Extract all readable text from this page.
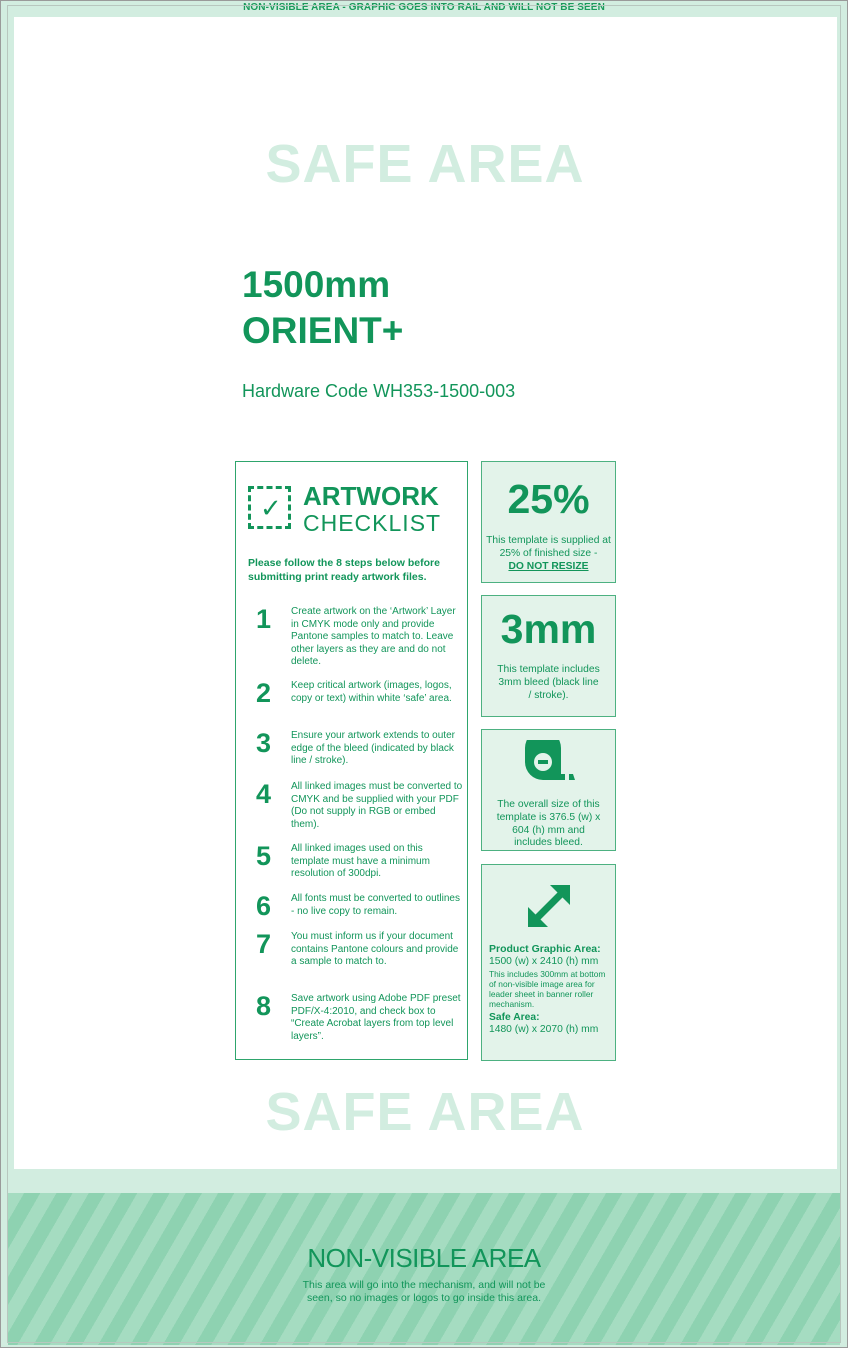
NON-VISIBLE AREA - GRAPHIC GOES INTO RAIL AND WILL NOT BE SEEN
SAFE AREA
1500mm
ORIENT+
Hardware Code WH353-1500-003
✓ ARTWORK
CHECKLIST
Please follow the 8 steps below before submitting print ready artwork files.
1 Create artwork on the ‘Artwork’ Layer in CMYK mode only and provide Pantone samples to match to. Leave other layers as they are and do not delete.
2 Keep critical artwork (images, logos, copy or text) within white ‘safe’ area.
3 Ensure your artwork extends to outer edge of the bleed (indicated by black line / stroke).
4 All linked images must be converted to CMYK and be supplied with your PDF (Do not supply in RGB or embed them).
5 All linked images used on this template must have a minimum resolution of 300dpi.
6 All fonts must be converted to outlines - no live copy to remain.
7 You must inform us if your document contains Pantone colours and provide a sample to match to.
8 Save artwork using Adobe PDF preset PDF/X-4:2010, and check box to “Create Acrobat layers from top level layers”.
25%
This template is supplied at 25% of finished size -
DO NOT RESIZE
3mm
This template includes 3mm bleed (black line / stroke).
The overall size of this template is 376.5 (w) x 604 (h) mm and includes bleed.
Product Graphic Area:
1500 (w) x 2410 (h) mm
This includes 300mm at bottom of non-visible image area for leader sheet in banner roller mechanism.
Safe Area:
1480 (w) x 2070 (h) mm
SAFE AREA
NON-VISIBLE AREA
This area will go into the mechanism, and will not be seen, so no images or logos to go inside this area.
